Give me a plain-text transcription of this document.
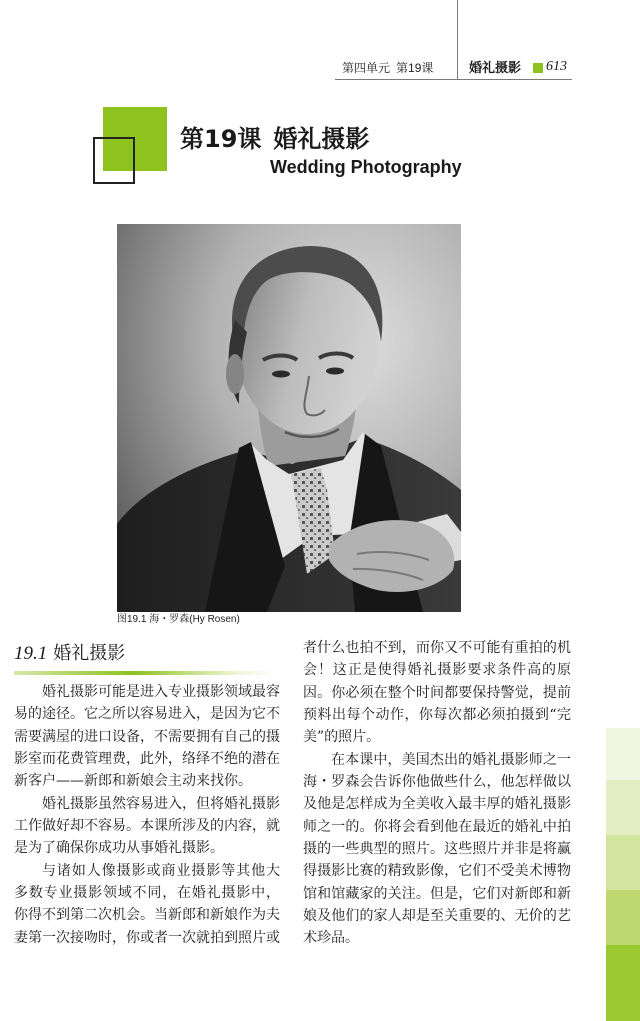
第四单元 第19课	婚礼摄影 613
第19课 婚礼摄影
Wedding Photography
图19.1 海・罗森(Hy Rosen)
19.1 婚礼摄影
婚礼摄影可能是进入专业摄影领域最容
易的途径。它之所以容易进入，是因为它不
需要满屋的进口设备，不需要拥有自己的摄
影室而花费管理费，此外，络绎不绝的潜在
新客户——新郎和新娘会主动来找你。
婚礼摄影虽然容易进入，但将婚礼摄影
工作做好却不容易。本课所涉及的内容，就
是为了确保你成功从事婚礼摄影。
与诸如人像摄影或商业摄影等其他大
多数专业摄影领域不同，在婚礼摄影中，
你得不到第二次机会。当新郎和新娘作为夫
妻第一次接吻时，你或者一次就拍到照片或
者什么也拍不到，而你又不可能有重拍的机
会！这正是使得婚礼摄影要求条件高的原
因。你必须在整个时间都要保持警觉，提前
预料出每个动作，你每次都必须拍摄到“完
美”的照片。
在本课中，美国杰出的婚礼摄影师之一
海・罗森会告诉你他做些什么，他怎样做以
及他是怎样成为全美收入最丰厚的婚礼摄影
师之一的。你将会看到他在最近的婚礼中拍
摄的一些典型的照片。这些照片并非是将赢
得摄影比赛的精致影像，它们不受美术博物
馆和馆藏家的关注。但是，它们对新郎和新
娘及他们的家人却是至关重要的、无价的艺
术珍品。
